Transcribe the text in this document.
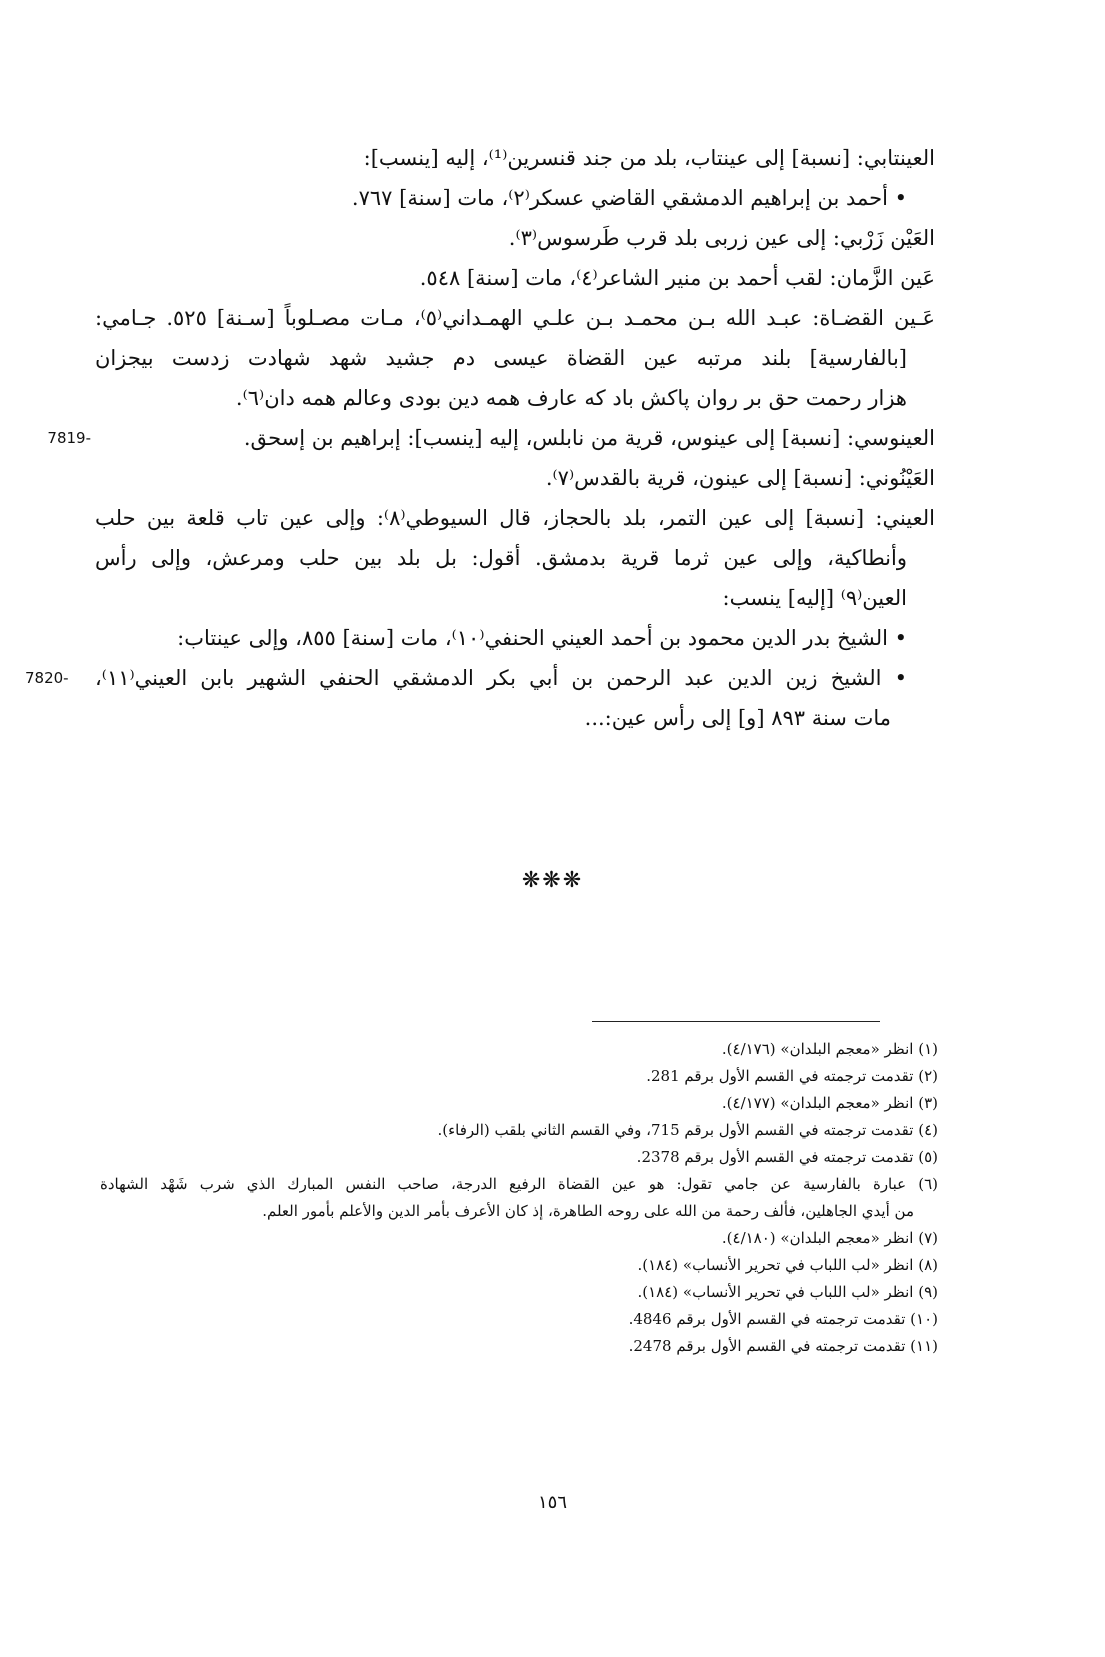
العينتابي: [نسبة] إلى عينتاب، بلد من جند قنسرين⁽¹⁾، إليه [ينسب]:
• أحمد بن إبراهيم الدمشقي القاضي عسكر⁽٢⁾، مات [سنة] ٧٦٧.
العَيْن زَرْبي: إلى عين زربى بلد قرب طَرسوس⁽٣⁾.
عَين الزَّمان: لقب أحمد بن منير الشاعر⁽٤⁾، مات [سنة] ٥٤٨.
عَـين القضـاة: عبـد الله بـن محمـد بـن علـي الهمـداني⁽٥⁾، مـات مصـلوباً [سـنة] ٥٢٥. جـامي:
[بالفارسية] بلند مرتبه عين القضاة عيسى دم جشيد شهد شهادت زدست بيجزان
هزار رحمت حق بر روان پاكش باد كه عارف همه دين بودى وعالم همه دان⁽٦⁾.
7819-	العينوسي: [نسبة] إلى عينوس، قرية من نابلس، إليه [ينسب]: إبراهيم بن إسحق.
العَيْنُوني: [نسبة] إلى عينون، قرية بالقدس⁽٧⁾.
العيني: [نسبة] إلى عين التمر، بلد بالحجاز، قال السيوطي⁽٨⁾: وإلى عين تاب قلعة بين حلب
وأنطاكية، وإلى عين ثرما قرية بدمشق. أقول: بل بلد بين حلب ومرعش، وإلى رأس
العين⁽٩⁾ [إليه] ينسب:
• الشيخ بدر الدين محمود بن أحمد العيني الحنفي⁽١٠⁾، مات [سنة] ٨٥٥، وإلى عينتاب:
7820- • الشيخ زين الدين عبد الرحمن بن أبي بكر الدمشقي الحنفي الشهير بابن العيني⁽١١⁾،
مات سنة ٨٩٣ [و] إلى رأس عين:...
❋❋❋
(١) انظر «معجم البلدان» (٤/١٧٦).
(٢) تقدمت ترجمته في القسم الأول برقم 281.
(٣) انظر «معجم البلدان» (٤/١٧٧).
(٤) تقدمت ترجمته في القسم الأول برقم 715، وفي القسم الثاني بلقب (الرفاء).
(٥) تقدمت ترجمته في القسم الأول برقم 2378.
(٦) عبارة بالفارسية عن جامي تقول: هو عين القضاة الرفيع الدرجة، صاحب النفس المبارك الذي شرب شَهْد الشهادة
من أيدي الجاهلين، فألف رحمة من الله على روحه الطاهرة، إذ كان الأعرف بأمر الدين والأعلم بأمور العلم.
(٧) انظر «معجم البلدان» (٤/١٨٠).
(٨) انظر «لب اللباب في تحرير الأنساب» (١٨٤).
(٩) انظر «لب اللباب في تحرير الأنساب» (١٨٤).
(١٠) تقدمت ترجمته في القسم الأول برقم 4846.
(١١) تقدمت ترجمته في القسم الأول برقم 2478.
١٥٦
